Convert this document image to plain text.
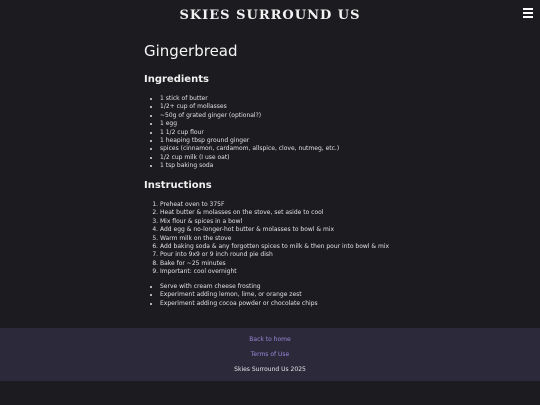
SKIES SURROUND US
Gingerbread
Ingredients
• 1 stick of butter
• 1/2+ cup of mollasses
• ~50g of grated ginger (optional?)
• 1 egg
• 1 1/2 cup flour
• 1 heaping tbsp ground ginger
• spices (cinnamon, cardamom, allspice, clove, nutmeg, etc.)
• 1/2 cup milk (I use oat)
• 1 tsp baking soda
Instructions
1. Preheat oven to 375F
2. Heat butter & molasses on the stove, set aside to cool
3. Mix flour & spices in a bowl
4. Add egg & no-longer-hot butter & molasses to bowl & mix
5. Warm milk on the stove
6. Add baking soda & any forgotten spices to milk & then pour into bowl & mix
7. Pour into 9x9 or 9 inch round pie dish
8. Bake for ~25 minutes
9. Important: cool overnight
• Serve with cream cheese frosting
• Experiment adding lemon, lime, or orange zest
• Experiment adding cocoa powder or chocolate chips
Back to home
Terms of Use
Skies Surround Us 2025
